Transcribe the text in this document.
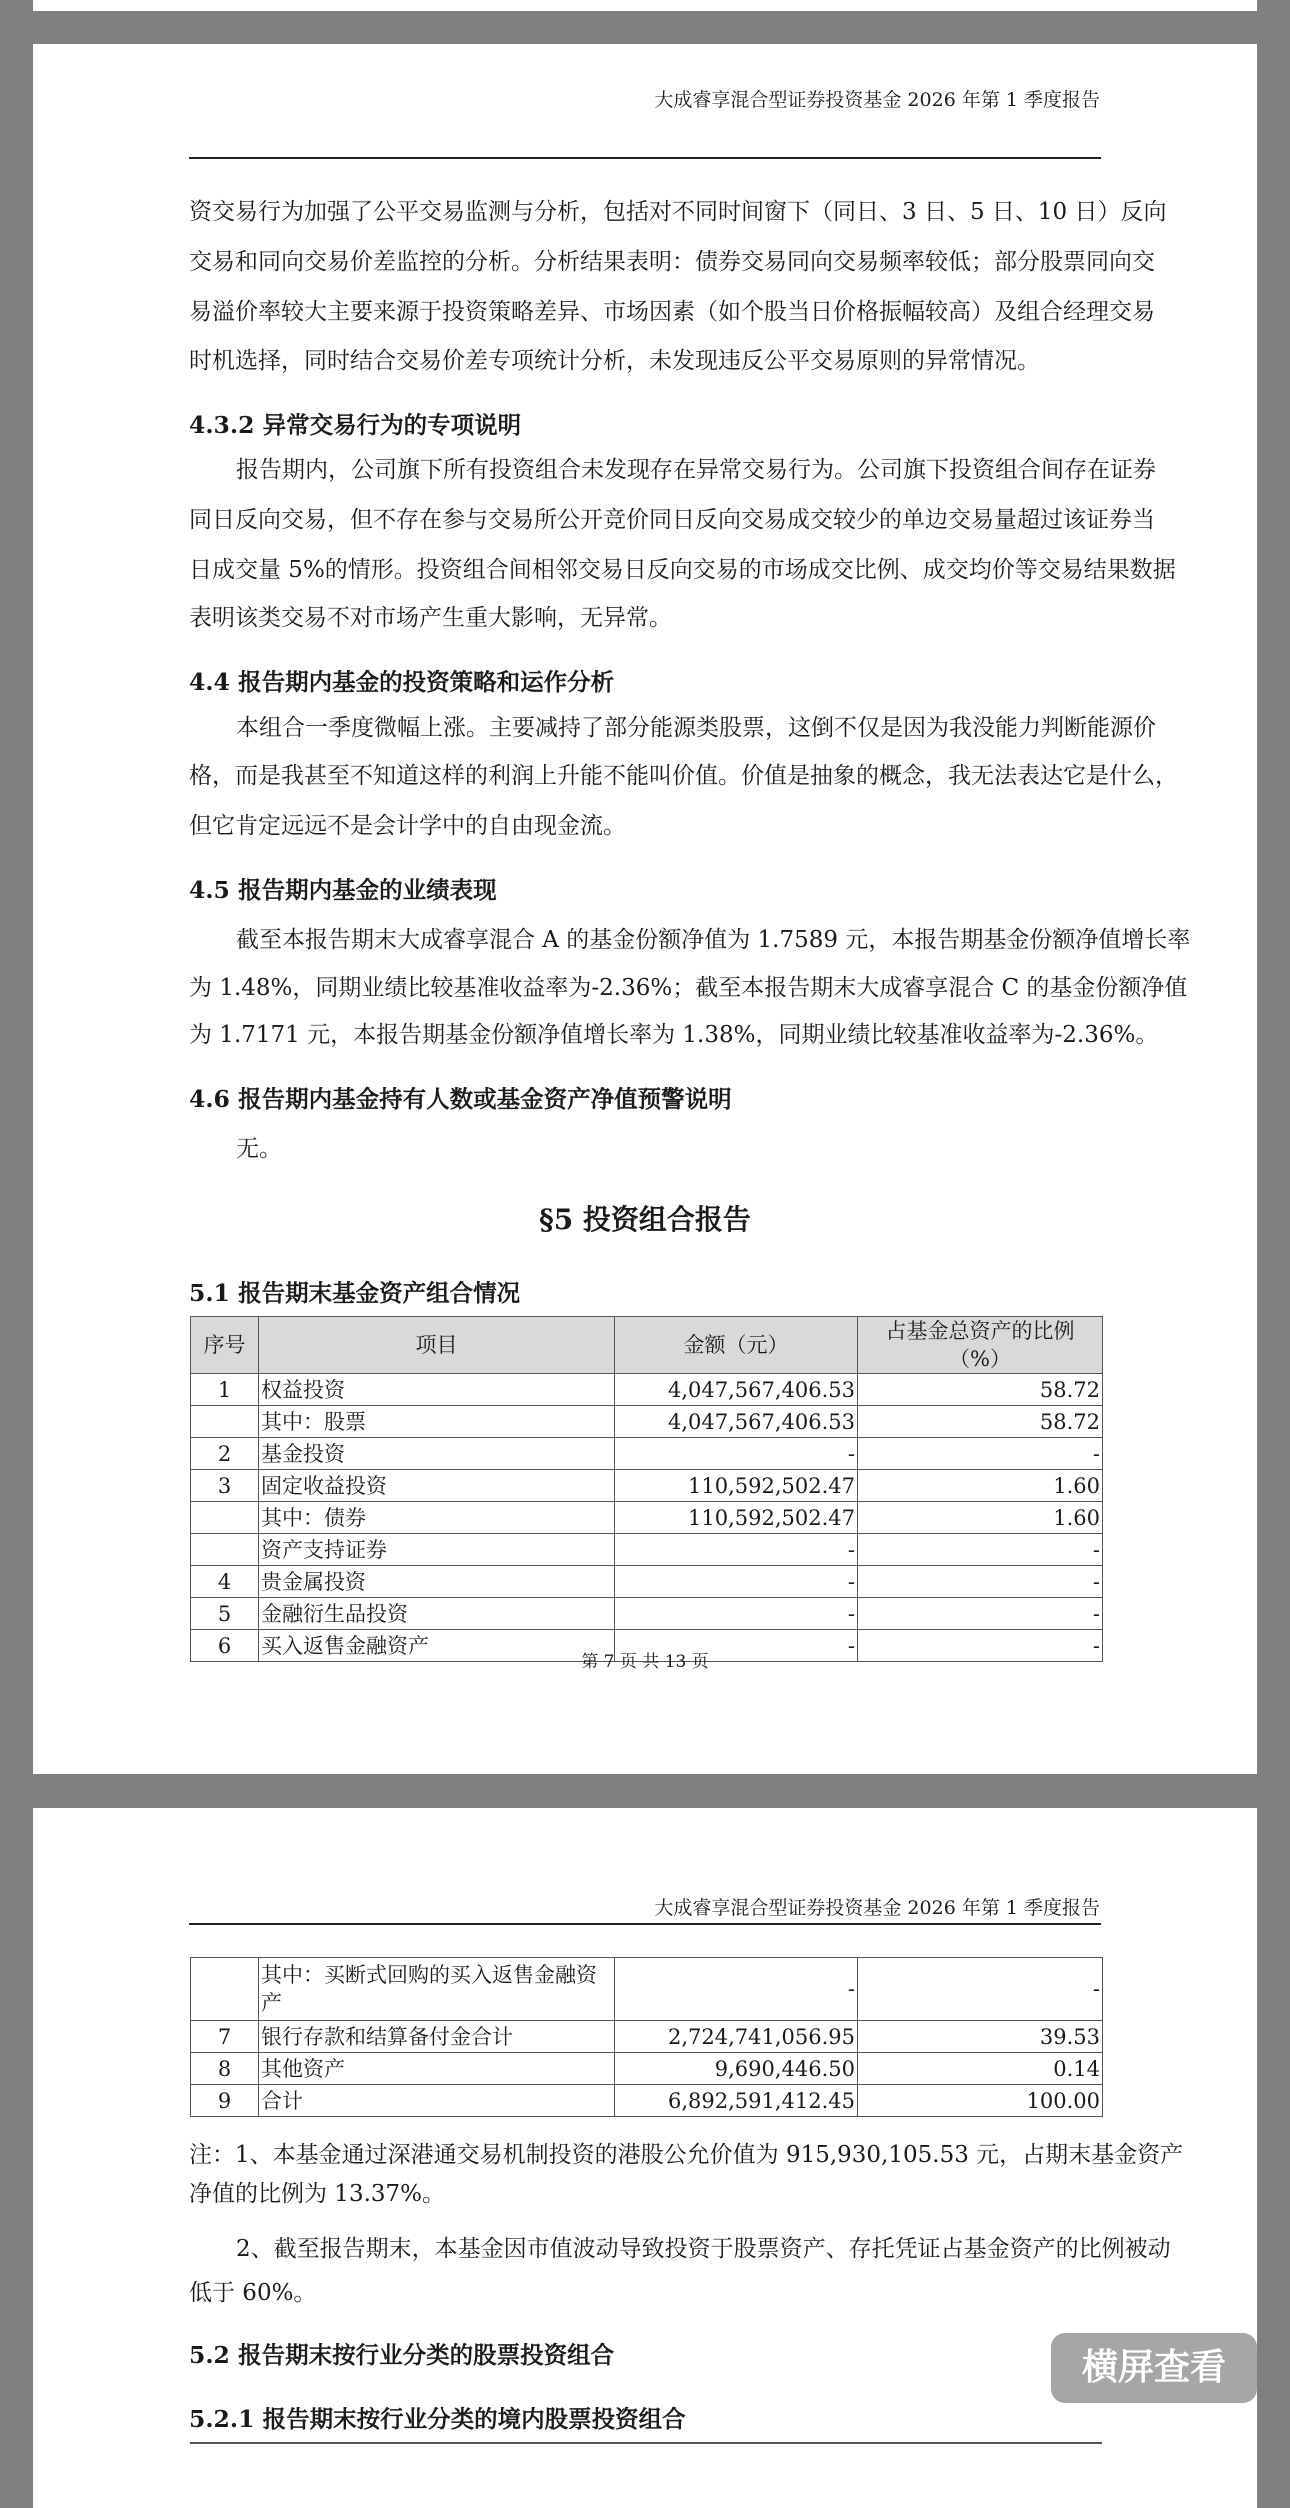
大成睿享混合型证券投资基金 2026 年第 1 季度报告
资交易行为加强了公平交易监测与分析，包括对不同时间窗下（同日、3 日、5 日、10 日）反向
交易和同向交易价差监控的分析。分析结果表明：债券交易同向交易频率较低；部分股票同向交
易溢价率较大主要来源于投资策略差异、市场因素（如个股当日价格振幅较高）及组合经理交易
时机选择，同时结合交易价差专项统计分析，未发现违反公平交易原则的异常情况。
4.3.2 异常交易行为的专项说明
报告期内，公司旗下所有投资组合未发现存在异常交易行为。公司旗下投资组合间存在证券
同日反向交易，但不存在参与交易所公开竞价同日反向交易成交较少的单边交易量超过该证券当
日成交量 5%的情形。投资组合间相邻交易日反向交易的市场成交比例、成交均价等交易结果数据
表明该类交易不对市场产生重大影响，无异常。
4.4 报告期内基金的投资策略和运作分析
本组合一季度微幅上涨。主要减持了部分能源类股票，这倒不仅是因为我没能力判断能源价
格，而是我甚至不知道这样的利润上升能不能叫价值。价值是抽象的概念，我无法表达它是什么，
但它肯定远远不是会计学中的自由现金流。
4.5 报告期内基金的业绩表现
截至本报告期末大成睿享混合 A 的基金份额净值为 1.7589 元，本报告期基金份额净值增长率
为 1.48%，同期业绩比较基准收益率为-2.36%；截至本报告期末大成睿享混合 C 的基金份额净值
为 1.7171 元，本报告期基金份额净值增长率为 1.38%，同期业绩比较基准收益率为-2.36%。
4.6 报告期内基金持有人数或基金资产净值预警说明
无。
§5 投资组合报告
5.1 报告期末基金资产组合情况
序号	项目	金额（元）	占基金总资产的比例（%）
1	权益投资	4,047,567,406.53	58.72
	其中：股票	4,047,567,406.53	58.72
2	基金投资	-	-
3	固定收益投资	110,592,502.47	1.60
	其中：债券	110,592,502.47	1.60
	资产支持证券	-	-
4	贵金属投资	-	-
5	金融衍生品投资	-	-
6	买入返售金融资产	-	-
第 7 页 共 13 页
大成睿享混合型证券投资基金 2026 年第 1 季度报告
	其中：买断式回购的买入返售金融资产	-	-
7	银行存款和结算备付金合计	2,724,741,056.95	39.53
8	其他资产	9,690,446.50	0.14
9	合计	6,892,591,412.45	100.00
注：1、本基金通过深港通交易机制投资的港股公允价值为 915,930,105.53 元，占期末基金资产
净值的比例为 13.37%。
2、截至报告期末，本基金因市值波动导致投资于股票资产、存托凭证占基金资产的比例被动
低于 60%。
5.2 报告期末按行业分类的股票投资组合
5.2.1 报告期末按行业分类的境内股票投资组合
横屏查看
